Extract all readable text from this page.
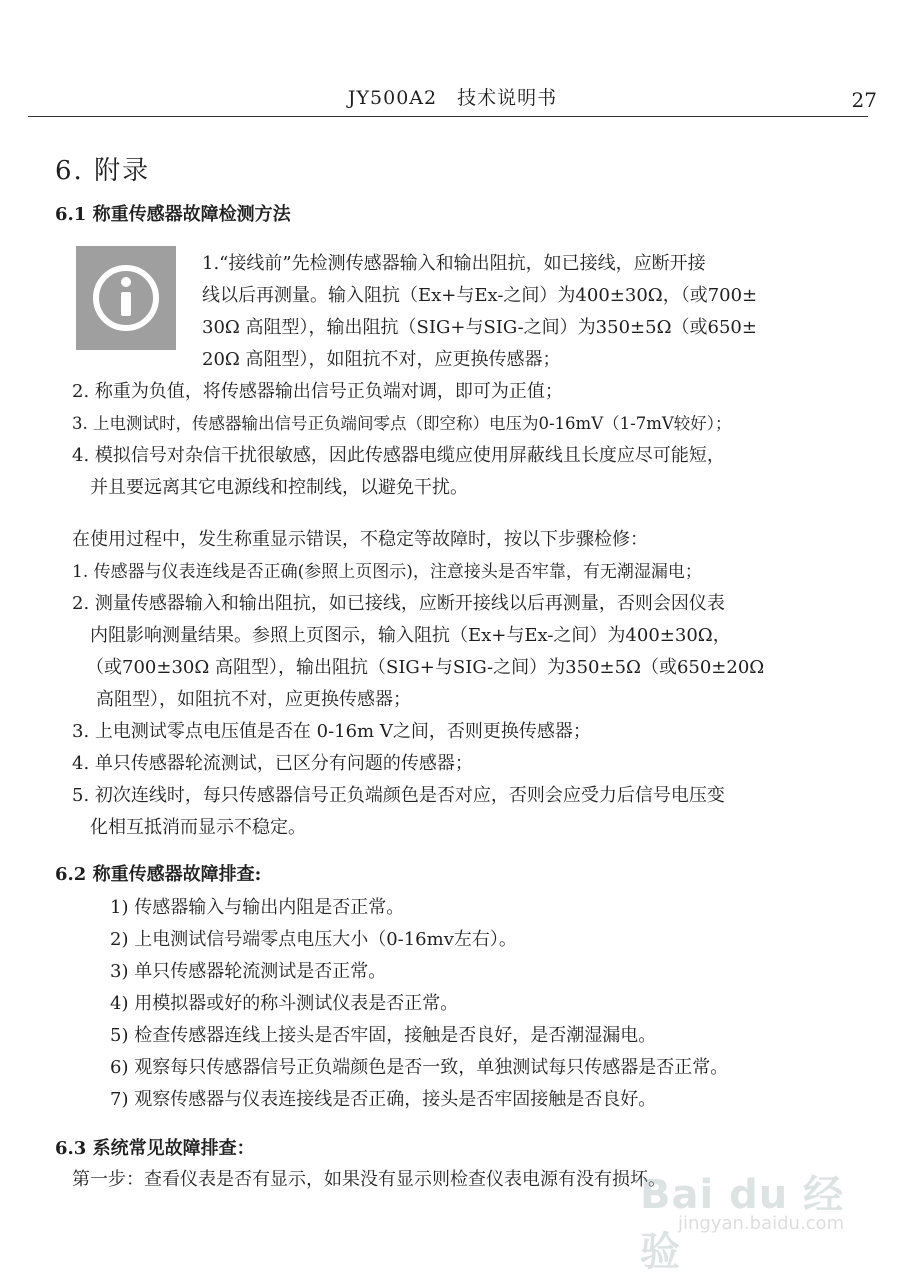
JY500A2　技术说明书	27
6. 附录
6.1 称重传感器故障检测方法
1.“接线前”先检测传感器输入和输出阻抗，如已接线，应断开接
线以后再测量。输入阻抗（Ex+与Ex-之间）为400±30Ω，（或700±
30Ω 高阻型），输出阻抗（SIG+与SIG-之间）为350±5Ω（或650±
20Ω 高阻型），如阻抗不对，应更换传感器；
2. 称重为负值，将传感器输出信号正负端对调，即可为正值；
3. 上电测试时，传感器输出信号正负端间零点（即空称）电压为0-16mV（1-7mV较好）；
4. 模拟信号对杂信干扰很敏感，因此传感器电缆应使用屏蔽线且长度应尽可能短，
并且要远离其它电源线和控制线，以避免干扰。
在使用过程中，发生称重显示错误，不稳定等故障时，按以下步骤检修：
1. 传感器与仪表连线是否正确(参照上页图示)，注意接头是否牢靠，有无潮湿漏电；
2. 测量传感器输入和输出阻抗，如已接线，应断开接线以后再测量，否则会因仪表
内阻影响测量结果。参照上页图示，输入阻抗（Ex+与Ex-之间）为400±30Ω，
（或700±30Ω 高阻型），输出阻抗（SIG+与SIG-之间）为350±5Ω（或650±20Ω
高阻型），如阻抗不对，应更换传感器；
3. 上电测试零点电压值是否在 0-16m V之间，否则更换传感器；
4. 单只传感器轮流测试，已区分有问题的传感器；
5. 初次连线时，每只传感器信号正负端颜色是否对应，否则会应受力后信号电压变
化相互抵消而显示不稳定。
6.2 称重传感器故障排查:
1) 传感器输入与输出内阻是否正常。
2) 上电测试信号端零点电压大小（0-16mv左右）。
3) 单只传感器轮流测试是否正常。
4) 用模拟器或好的称斗测试仪表是否正常。
5) 检查传感器连线上接头是否牢固，接触是否良好，是否潮湿漏电。
6) 观察每只传感器信号正负端颜色是否一致，单独测试每只传感器是否正常。
7) 观察传感器与仪表连接线是否正确，接头是否牢固接触是否良好。
6.3 系统常见故障排查：
第一步：查看仪表是否有显示，如果没有显示则检查仪表电源有没有损坏。
Bai du 经验
jingyan.baidu.com
